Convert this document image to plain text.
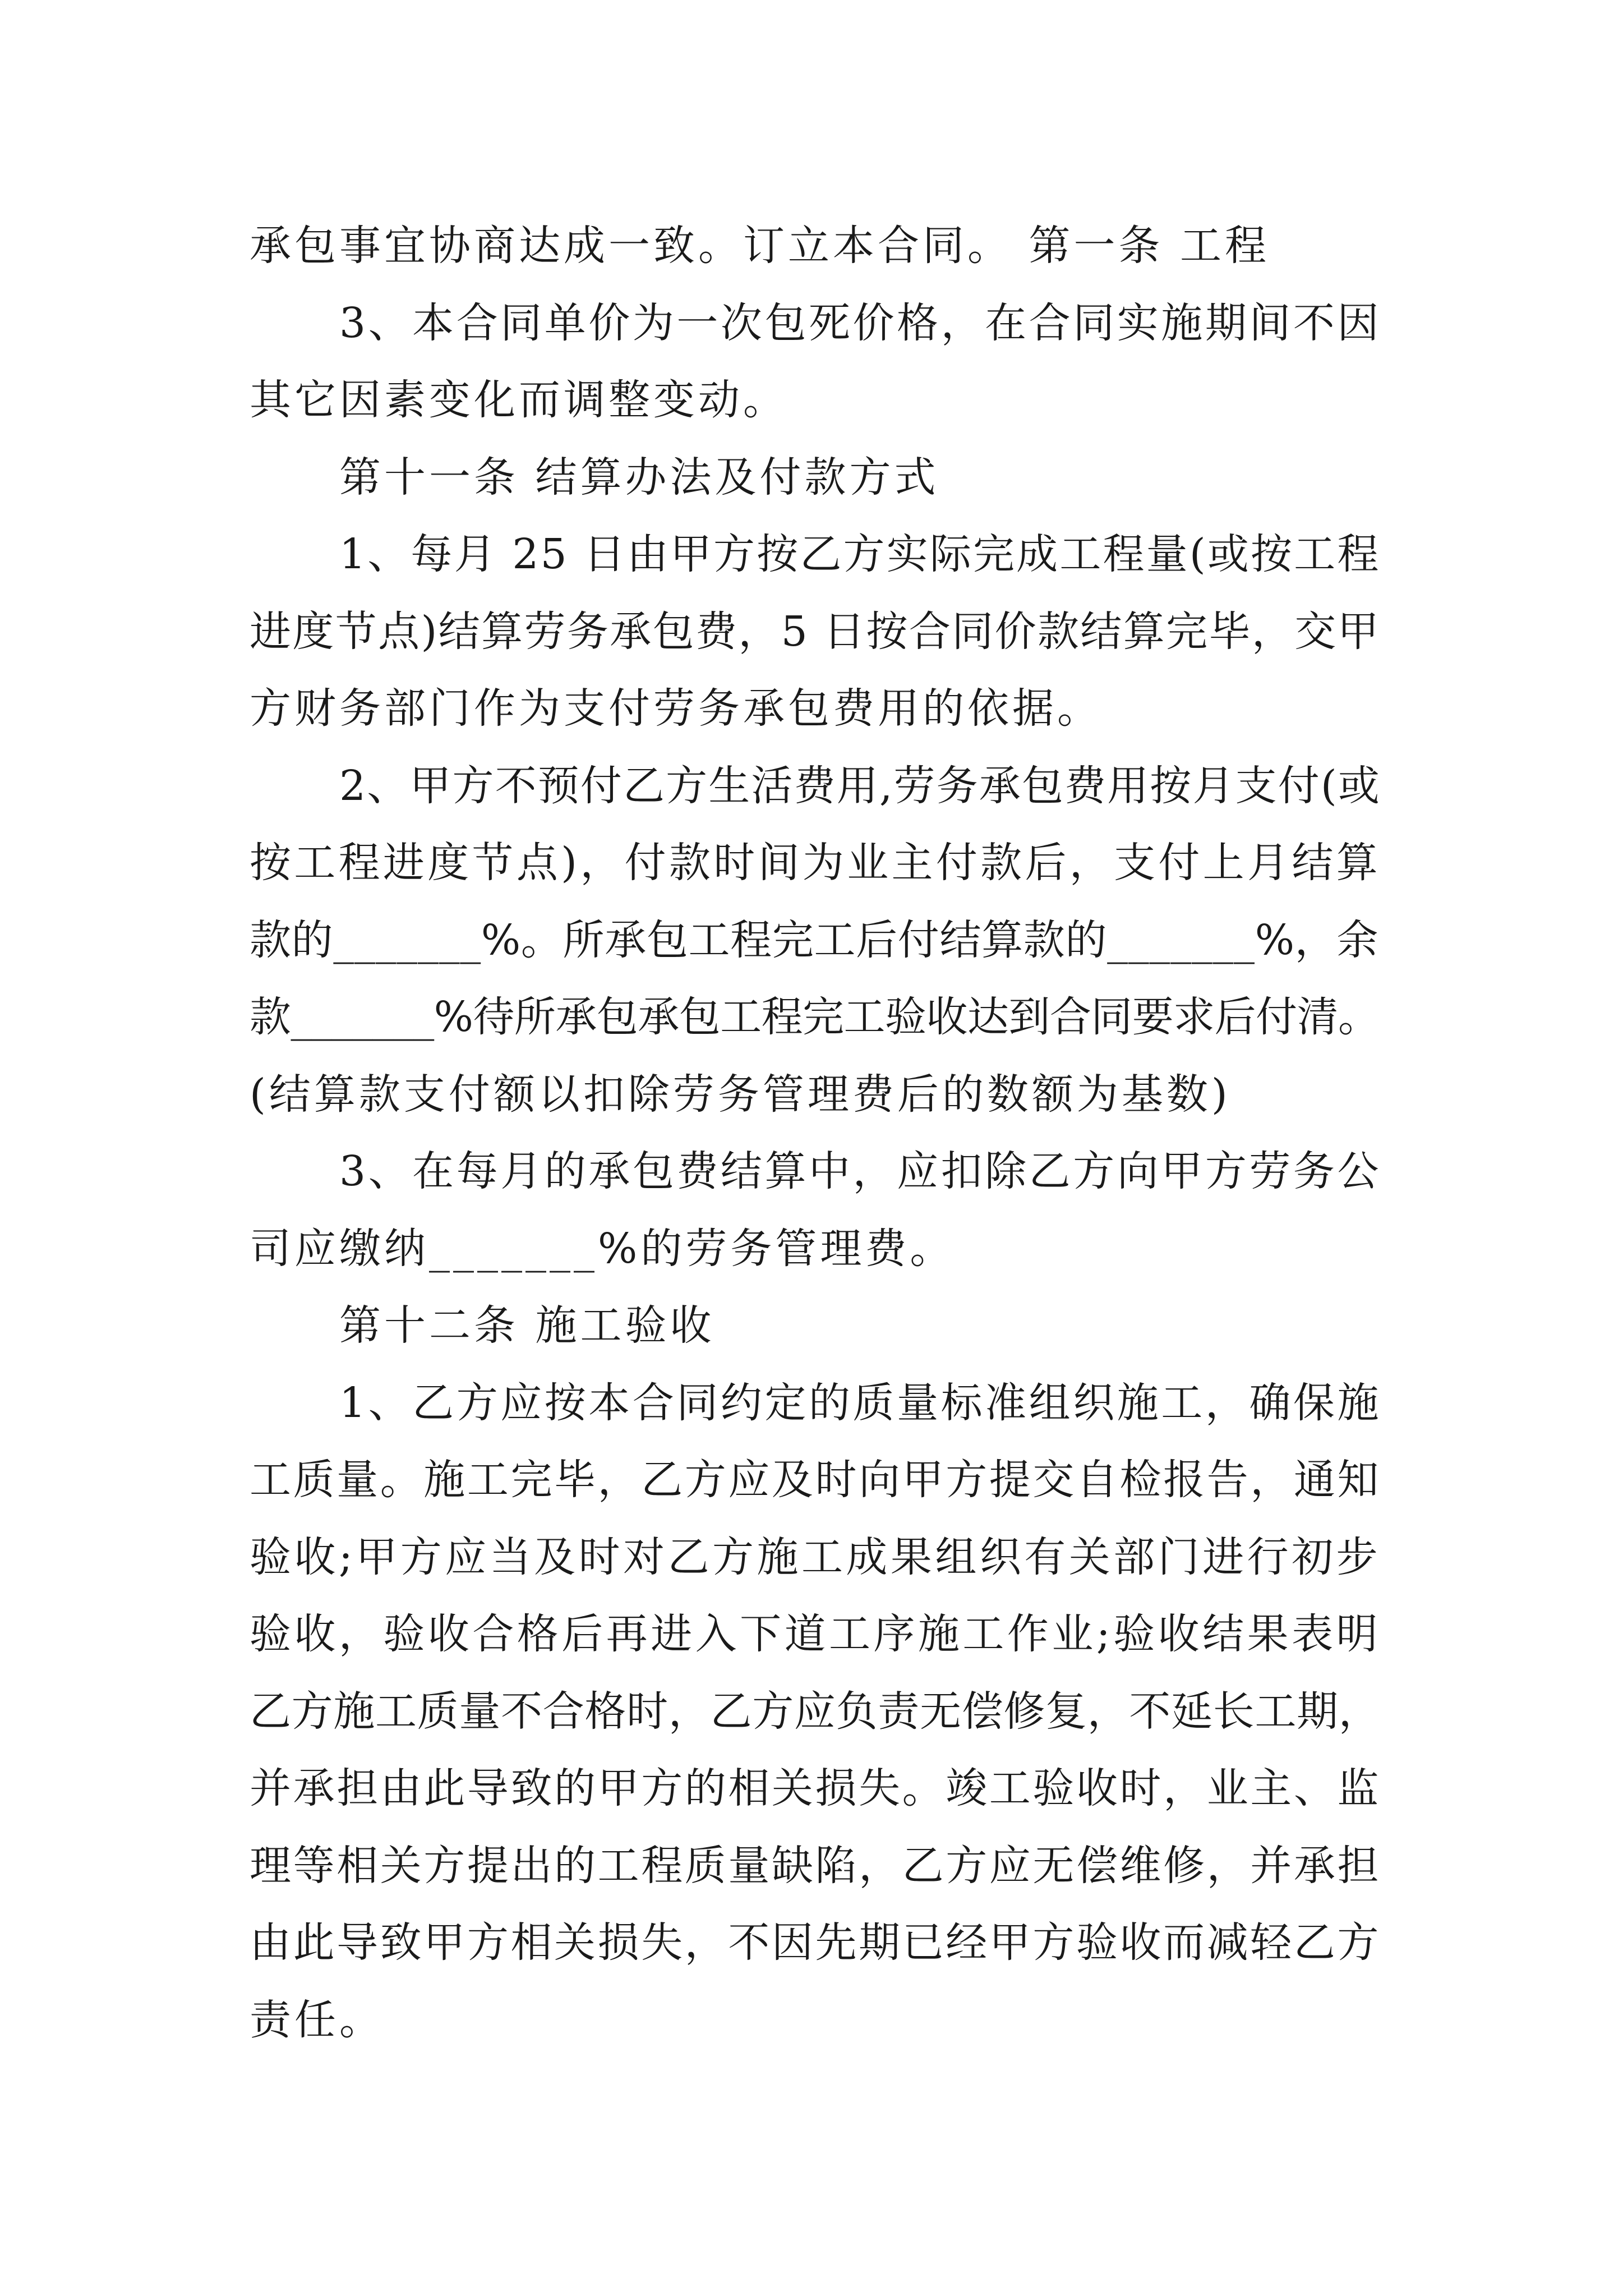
承包事宜协商达成一致。订立本合同。 第一条 工程
3、本合同单价为一次包死价格，在合同实施期间不因
其它因素变化而调整变动。
第十一条 结算办法及付款方式
1、每月 25 日由甲方按乙方实际完成工程量(或按工程
进度节点)结算劳务承包费，5 日按合同价款结算完毕，交甲
方财务部门作为支付劳务承包费用的依据。
2、甲方不预付乙方生活费用,劳务承包费用按月支付(或
按工程进度节点)，付款时间为业主付款后，支付上月结算
款的_______%。所承包工程完工后付结算款的_______%，余
款_______%待所承包承包工程完工验收达到合同要求后付清。
(结算款支付额以扣除劳务管理费后的数额为基数)
3、在每月的承包费结算中，应扣除乙方向甲方劳务公
司应缴纳_______%的劳务管理费。
第十二条 施工验收
1、乙方应按本合同约定的质量标准组织施工，确保施
工质量。施工完毕，乙方应及时向甲方提交自检报告，通知
验收;甲方应当及时对乙方施工成果组织有关部门进行初步
验收，验收合格后再进入下道工序施工作业;验收结果表明
乙方施工质量不合格时，乙方应负责无偿修复，不延长工期，
并承担由此导致的甲方的相关损失。竣工验收时，业主、监
理等相关方提出的工程质量缺陷，乙方应无偿维修，并承担
由此导致甲方相关损失，不因先期已经甲方验收而减轻乙方
责任。
